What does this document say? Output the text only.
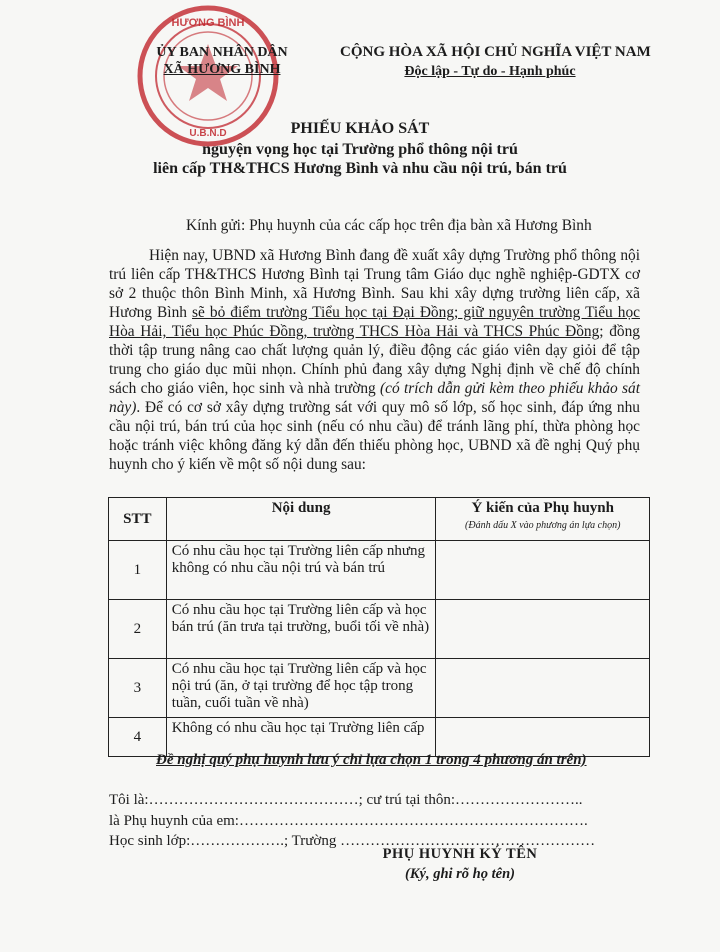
HƯƠNG BÌNH
U.B.N.D
ỦY BAN NHÂN DÂN
XÃ HƯƠNG BÌNH
CỘNG HÒA XÃ HỘI CHỦ NGHĨA VIỆT NAM
Độc lập - Tự do - Hạnh phúc
PHIẾU KHẢO SÁT
nguyện vọng học tại Trường phổ thông nội trú
liên cấp TH&THCS Hương Bình và nhu cầu nội trú, bán trú
Kính gửi: Phụ huynh của các cấp học trên địa bàn xã Hương Bình

Hiện nay, UBND xã Hương Bình đang đề xuất xây dựng Trường phổ thông nội trú liên cấp TH&THCS Hương Bình tại Trung tâm Giáo dục nghề nghiệp-GDTX cơ sở 2 thuộc thôn Bình Minh, xã Hương Bình. Sau khi xây dựng trường liên cấp, xã Hương Bình sẽ bỏ điểm trường Tiểu học tại Đại Đồng; giữ nguyên trường Tiểu học Hòa Hải, Tiểu học Phúc Đồng, trường THCS Hòa Hải và THCS Phúc Đồng; đồng thời tập trung nâng cao chất lượng quản lý, điều động các giáo viên dạy giỏi để tập trung cho giáo dục mũi nhọn. Chính phủ đang xây dựng Nghị định về chế độ chính sách cho giáo viên, học sinh và nhà trường (có trích dẫn gửi kèm theo phiếu khảo sát này). Để có cơ sở xây dựng trường sát với quy mô số lớp, số học sinh, đáp ứng nhu cầu nội trú, bán trú của học sinh (nếu có nhu cầu) để tránh lãng phí, thừa phòng học hoặc tránh việc không đăng ký dẫn đến thiếu phòng học, UBND xã đề nghị Quý phụ huynh cho ý kiến về một số nội dung sau:

STT	Nội dung	Ý kiến của Phụ huynh
(Đánh dấu X vào phương án lựa chọn)

1	Có nhu cầu học tại Trường liên cấp nhưng không có nhu cầu nội trú và bán trú	
2	Có nhu cầu học tại Trường liên cấp và học bán trú (ăn trưa tại trường, buổi tối về nhà)	
3	Có nhu cầu học tại Trường liên cấp và học nội trú (ăn, ở tại trường để học tập trong tuần, cuối tuần về nhà)	
4	Không có nhu cầu học tại Trường liên cấp	
Đề nghị quý phụ huynh lưu ý chỉ lựa chọn 1 trong 4 phương án trên)
Tôi là:……………………………………; cư trú tại thôn:……………………..
là Phụ huynh của em:…………………………………………………………….
Học sinh lớp:……………….; Trường ……………………………………………
PHỤ HUYNH KÝ TÊN
(Ký, ghi rõ họ tên)
